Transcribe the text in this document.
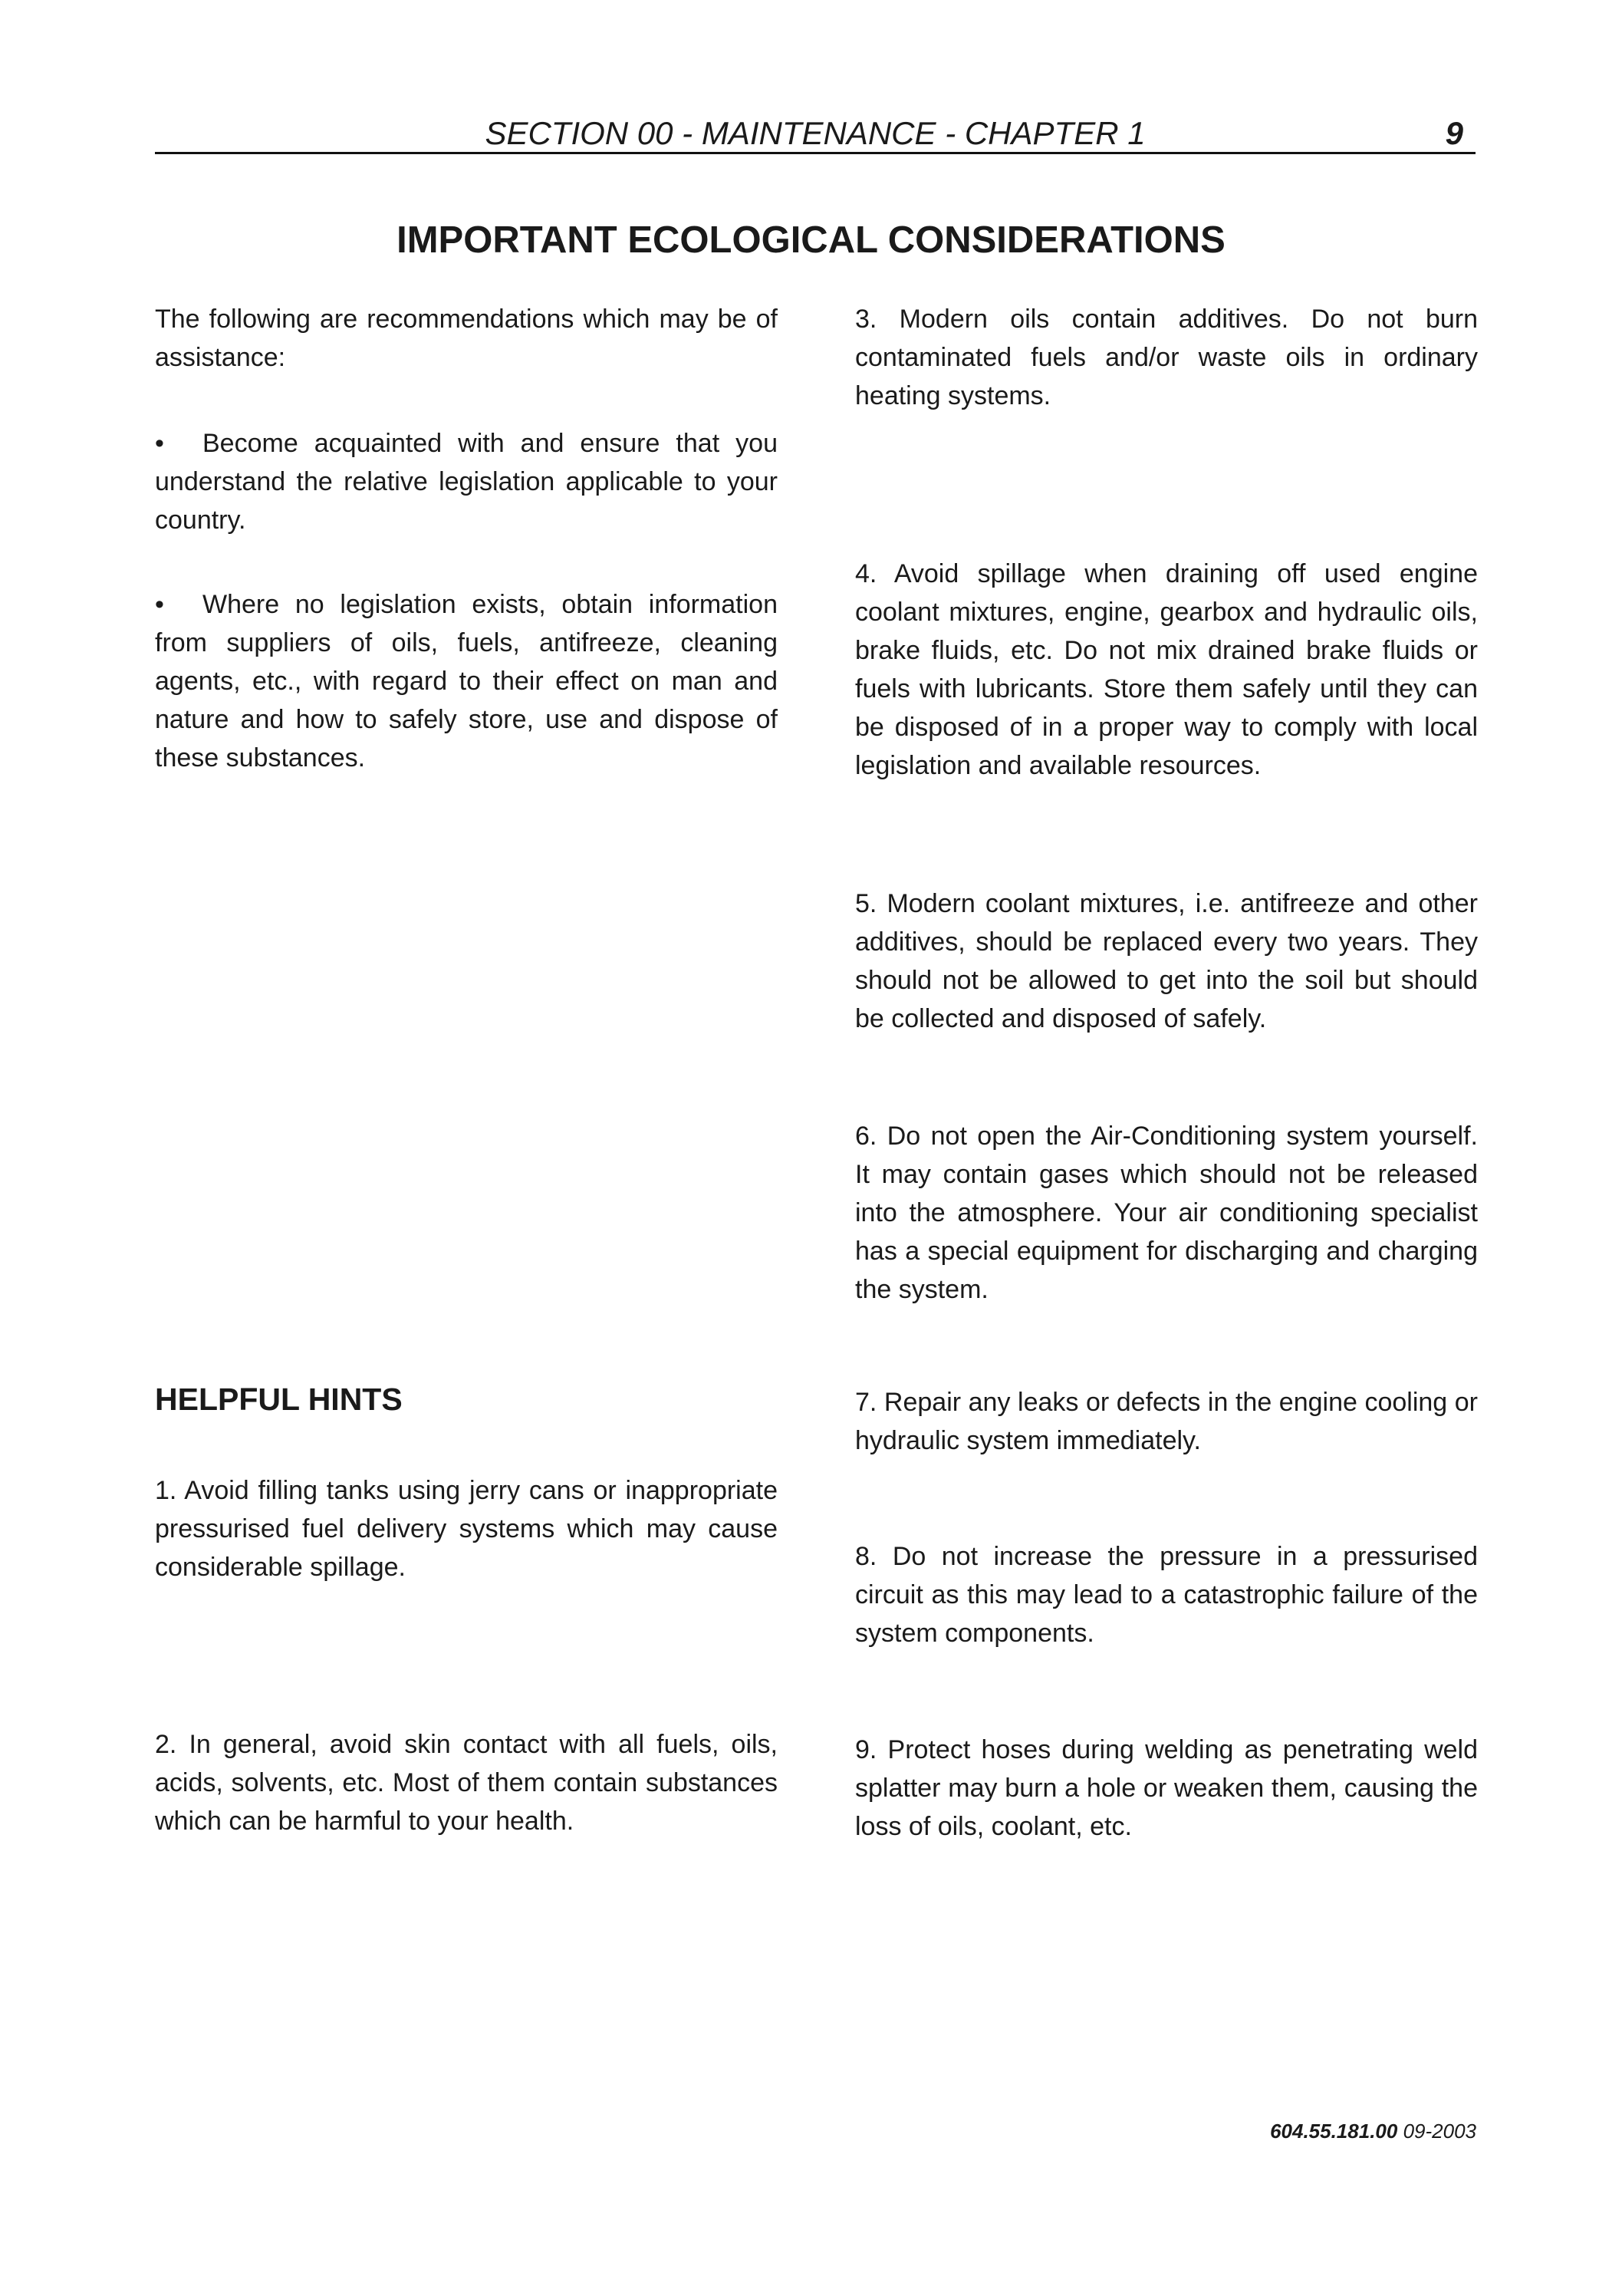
SECTION 00 - MAINTENANCE - CHAPTER 1	9
IMPORTANT ECOLOGICAL CONSIDERATIONS

The following are recommendations which may be of assistance:

• Become acquainted with and ensure that you understand the relative legislation applicable to your country.

• Where no legislation exists, obtain information from suppliers of oils, fuels, antifreeze, cleaning agents, etc., with regard to their effect on man and nature and how to safely store, use and dispose of these substances.

HELPFUL HINTS

1. Avoid filling tanks using jerry cans or inappropriate pressurised fuel delivery systems which may cause considerable spillage.

2. In general, avoid skin contact with all fuels, oils, acids, solvents, etc. Most of them contain substances which can be harmful to your health.

3. Modern oils contain additives. Do not burn contaminated fuels and/or waste oils in ordinary heating systems.

4. Avoid spillage when draining off used engine coolant mixtures, engine, gearbox and hydraulic oils, brake fluids, etc. Do not mix drained brake fluids or fuels with lubricants. Store them safely until they can be disposed of in a proper way to comply with local legislation and available resources.

5. Modern coolant mixtures, i.e. antifreeze and other additives, should be replaced every two years. They should not be allowed to get into the soil but should be collected and disposed of safely.

6. Do not open the Air-Conditioning system yourself. It may contain gases which should not be released into the atmosphere. Your air conditioning specialist has a special equipment for discharging and charging the system.

7. Repair any leaks or defects in the engine cooling or hydraulic system immediately.

8. Do not increase the pressure in a pressurised circuit as this may lead to a catastrophic failure of the system components.

9. Protect hoses during welding as penetrating weld splatter may burn a hole or weaken them, causing the loss of oils, coolant, etc.

604.55.181.00 09-2003
